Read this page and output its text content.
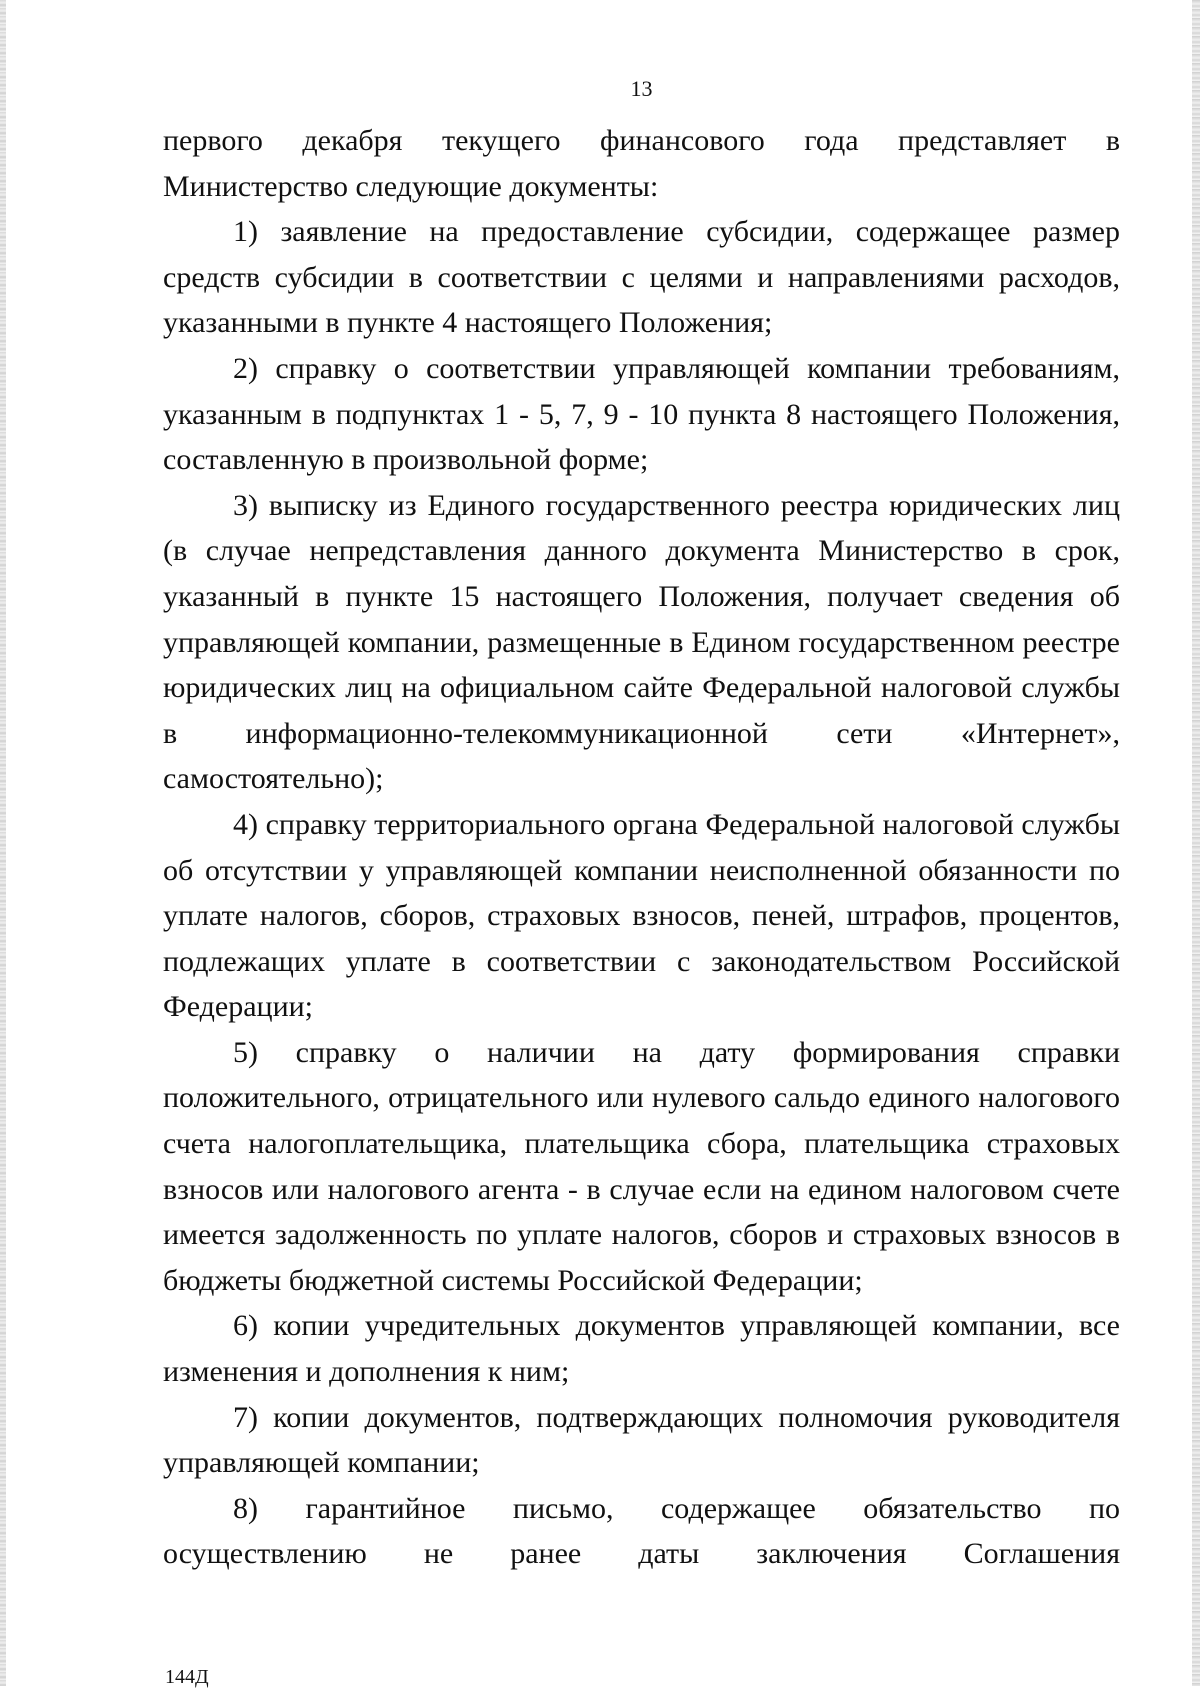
13

первого декабря текущего финансового года представляет в Министерство следующие документы:

1) заявление на предоставление субсидии, содержащее размер средств субсидии в соответствии с целями и направлениями расходов, указанными в пункте 4 настоящего Положения;

2) справку о соответствии управляющей компании требованиям, указанным в подпунктах 1 - 5, 7, 9 - 10 пункта 8 настоящего Положения, составленную в произвольной форме;

3) выписку из Единого государственного реестра юридических лиц (в случае непредставления данного документа Министерство в срок, указанный в пункте 15 настоящего Положения, получает сведения об управляющей компании, размещенные в Едином государственном реестре юридических лиц на официальном сайте Федеральной налоговой службы в информационно-телекоммуникационной сети «Интернет», самостоятельно);

4) справку территориального органа Федеральной налоговой службы об отсутствии у управляющей компании неисполненной обязанности по уплате налогов, сборов, страховых взносов, пеней, штрафов, процентов, подлежащих уплате в соответствии с законодательством Российской Федерации;

5) справку о наличии на дату формирования справки положительного, отрицательного или нулевого сальдо единого налогового счета налогоплательщика, плательщика сбора, плательщика страховых взносов или налогового агента - в случае если на едином налоговом счете имеется задолженность по уплате налогов, сборов и страховых взносов в бюджеты бюджетной системы Российской Федерации;

6) копии учредительных документов управляющей компании, все изменения и дополнения к ним;

7) копии документов, подтверждающих полномочия руководителя управляющей компании;

8) гарантийное письмо, содержащее обязательство по осуществлению не ранее даты заключения Соглашения

144Д
